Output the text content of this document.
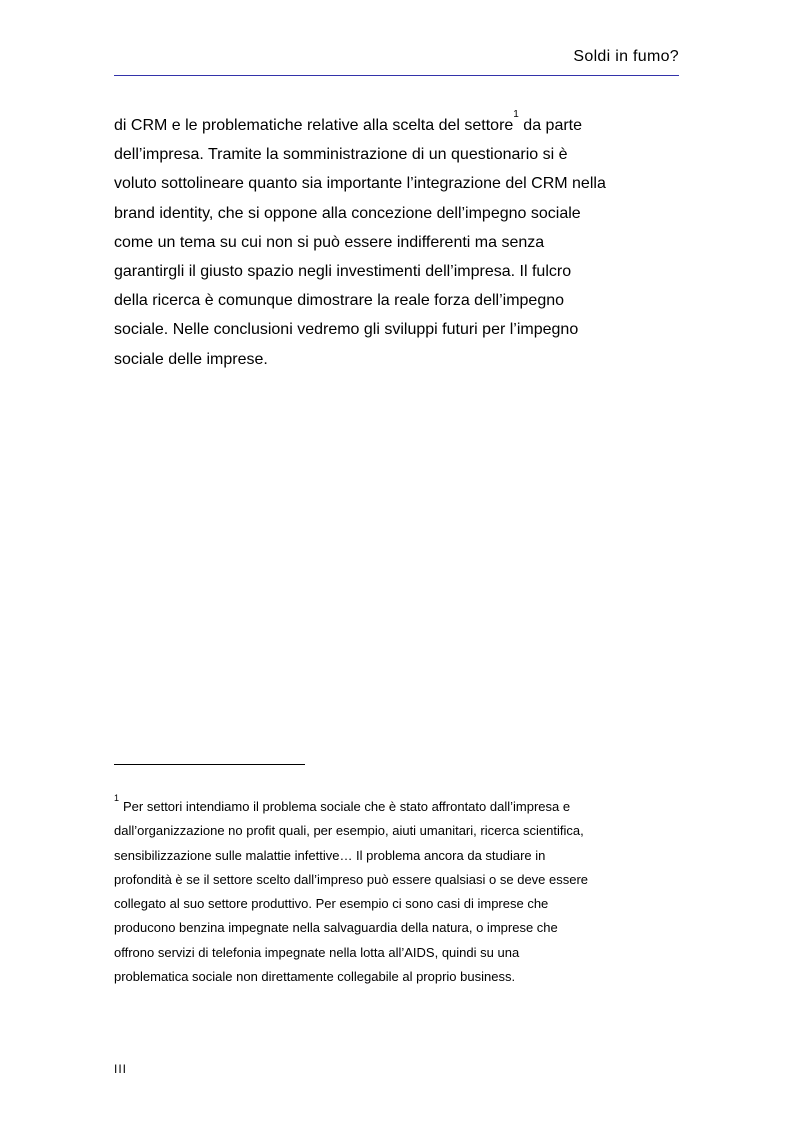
Soldi in fumo?
di CRM e le problematiche relative alla scelta del settore$^1$ da parte
dell’impresa. Tramite la somministrazione di un questionario si è
voluto sottolineare quanto sia importante l’integrazione del CRM nella
brand identity, che si oppone alla concezione dell’impegno sociale
come un tema su cui non si può essere indifferenti ma senza
garantirgli il giusto spazio negli investimenti dell’impresa. Il fulcro
della ricerca è comunque dimostrare la reale forza dell’impegno
sociale. Nelle conclusioni vedremo gli sviluppi futuri per l’impegno
sociale delle imprese.
$^1$Per settori intendiamo il problema sociale che è stato affrontato dall’impresa e
dall’organizzazione no profit quali, per esempio, aiuti umanitari, ricerca scientifica,
sensibilizzazione sulle malattie infettive… Il problema ancora da studiare in
profondità è se il settore scelto dall’impreso può essere qualsiasi o se deve essere
collegato al suo settore produttivo. Per esempio ci sono casi di imprese che
producono benzina impegnate nella salvaguardia della natura, o imprese che
offrono servizi di telefonia impegnate nella lotta all’AIDS, quindi su una
problematica sociale non direttamente collegabile al proprio business.
III
